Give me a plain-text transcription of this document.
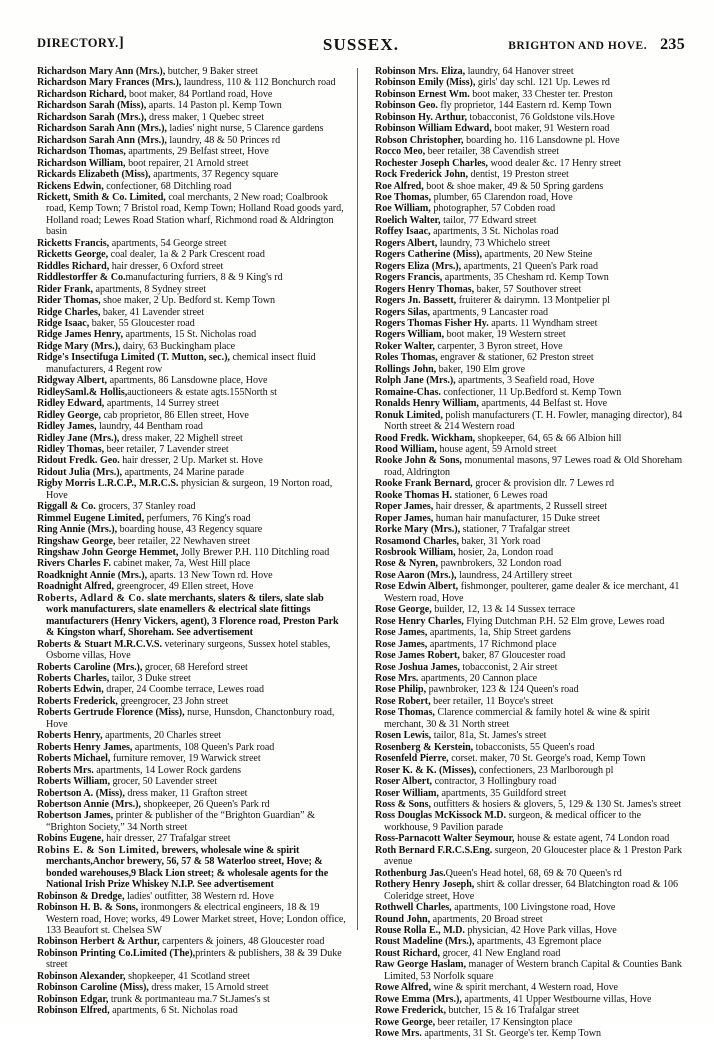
DIRECTORY.]	SUSSEX.	BRIGHTON AND HOVE. 235

Richardson Mary Ann (Mrs.), butcher, 9 Baker street

Richardson Mary Frances (Mrs.), laundress, 110 & 112 Bonchurch road

Richardson Richard, boot maker, 84 Portland road, Hove

Richardson Sarah (Miss), aparts. 14 Paston pl. Kemp Town

Richardson Sarah (Mrs.), dress maker, 1 Quebec street

Richardson Sarah Ann (Mrs.), ladies' night nurse, 5 Clarence gardens

Richardson Sarah Ann (Mrs.), laundry, 48 & 50 Princes rd

Richardson Thomas, apartments, 29 Belfast street, Hove

Richardson William, boot repairer, 21 Arnold street

Rickards Elizabeth (Miss), apartments, 37 Regency square

Rickens Edwin, confectioner, 68 Ditchling road

Rickett, Smith & Co. Limited, coal merchants, 2 New road; Coalbrook road, Kemp Town; 7 Bristol road, Kemp Town; Holland Road goods yard, Holland road; Lewes Road Station wharf, Richmond road & Aldrington basin

Ricketts Francis, apartments, 54 George street

Ricketts George, coal dealer, 1a & 2 Park Crescent road

Riddles Richard, hair dresser, 6 Oxford street

Riddlestorffer & Co.manufacturing furriers, 8 & 9 King's rd

Rider Frank, apartments, 8 Sydney street

Rider Thomas, shoe maker, 2 Up. Bedford st. Kemp Town

Ridge Charles, baker, 41 Lavender street

Ridge Isaac, baker, 55 Gloucester road

Ridge James Henry, apartments, 15 St. Nicholas road

Ridge Mary (Mrs.), dairy, 63 Buckingham place

Ridge's Insectifuga Limited (T. Mutton, sec.), chemical insect fluid manufacturers, 4 Regent row

Ridgway Albert, apartments, 86 Lansdowne place, Hove

RidleySaml.& Hollis,auctioneers & estate agts.155North st

Ridley Edward, apartments, 14 Surrey street

Ridley George, cab proprietor, 86 Ellen street, Hove

Ridley James, laundry, 44 Bentham road

Ridley Jane (Mrs.), dress maker, 22 Mighell street

Ridley Thomas, beer retailer, 7 Lavender street

Ridout Fredk. Geo. hair dresser, 2 Up. Market st. Hove

Ridout Julia (Mrs.), apartments, 24 Marine parade

Rigby Morris L.R.C.P., M.R.C.S. physician & surgeon, 19 Norton road, Hove

Riggall & Co. grocers, 37 Stanley road

Rimmel Eugene Limited, perfumers, 76 King's road

Ring Annie (Mrs.), boarding house, 43 Regency square

Ringshaw George, beer retailer, 22 Newhaven street

Ringshaw John George Hemmet, Jolly Brewer P.H. 110 Ditchling road

Rivers Charles F. cabinet maker, 7a, West Hill place

Roadknight Annie (Mrs.), aparts. 13 New Town rd. Hove

Roadnight Alfred, greengrocer, 49 Ellen street, Hove

Roberts, Adlard & Co. slate merchants, slaters & tilers, slate slab work manufacturers, slate enamellers & electrical slate fittings manufacturers (Henry Vickers, agent), 3 Florence road, Preston Park & Kingston wharf, Shoreham. See advertisement

Roberts & Stuart M.R.C.V.S. veterinary surgeons, Sussex hotel stables, Osborne villas, Hove

Roberts Caroline (Mrs.), grocer, 68 Hereford street

Roberts Charles, tailor, 3 Duke street

Roberts Edwin, draper, 24 Coombe terrace, Lewes road

Roberts Frederick, greengrocer, 23 John street

Roberts Gertrude Florence (Miss), nurse, Hunsdon, Chanctonbury road, Hove

Roberts Henry, apartments, 20 Charles street

Roberts Henry James, apartments, 108 Queen's Park road

Roberts Michael, furniture remover, 19 Warwick street

Roberts Mrs. apartments, 14 Lower Rock gardens

Roberts William, grocer, 50 Lavender street

Robertson A. (Miss), dress maker, 11 Grafton street

Robertson Annie (Mrs.), shopkeeper, 26 Queen's Park rd

Robertson James, printer & publisher of the “Brighton Guardian” & “Brighton Society,” 34 North street

Robins Eugene, hair dresser, 27 Trafalgar street

Robins E. & Son Limited, brewers, wholesale wine & spirit merchants,Anchor brewery, 56, 57 & 58 Waterloo street, Hove; & bonded warehouses,9 Black Lion street; & wholesale agents for the National Irish Prize Whiskey N.I.P. See advertisement

Robinson & Dredge, ladies' outfitter, 38 Western rd. Hove

Robinson H. B. & Sons, ironmongers & electrical engineers, 18 & 19 Western road, Hove; works, 49 Lower Market street, Hove; London office, 133 Beaufort st. Chelsea SW

Robinson Herbert & Arthur, carpenters & joiners, 48 Gloucester road

Robinson Printing Co.Limited (The),printers & publishers, 38 & 39 Duke street

Robinson Alexander, shopkeeper, 41 Scotland street

Robinson Caroline (Miss), dress maker, 15 Arnold street

Robinson Edgar, trunk & portmanteau ma.7 St.James's st

Robinson Elfred, apartments, 6 St. Nicholas road

Robinson Mrs. Eliza, laundry, 64 Hanover street

Robinson Emily (Miss), girls' day schl. 121 Up. Lewes rd

Robinson Ernest Wm. boot maker, 33 Chester ter. Preston

Robinson Geo. fly proprietor, 144 Eastern rd. Kemp Town

Robinson Hy. Arthur, tobacconist, 76 Goldstone vils.Hove

Robinson William Edward, boot maker, 91 Western road

Robson Christopher, boarding ho. 116 Lansdowne pl. Hove

Rocco Meo, beer retailer, 38 Cavendish street

Rochester Joseph Charles, wood dealer &c. 17 Henry street

Rock Frederick John, dentist, 19 Preston street

Roe Alfred, boot & shoe maker, 49 & 50 Spring gardens

Roe Thomas, plumber, 65 Clarendon road, Hove

Roe William, photographer, 57 Cobden road

Roelich Walter, tailor, 77 Edward street

Roffey Isaac, apartments, 3 St. Nicholas road

Rogers Albert, laundry, 73 Whichelo street

Rogers Catherine (Miss), apartments, 20 New Steine

Rogers Eliza (Mrs.), apartments, 21 Queen's Park road

Rogers Francis, apartments, 35 Chesham rd. Kemp Town

Rogers Henry Thomas, baker, 57 Southover street

Rogers Jn. Bassett, fruiterer & dairymn. 13 Montpelier pl

Rogers Silas, apartments, 9 Lancaster road

Rogers Thomas Fisher Hy. aparts. 11 Wyndham street

Rogers William, boot maker, 19 Western street

Roker Walter, carpenter, 3 Byron street, Hove

Roles Thomas, engraver & stationer, 62 Preston street

Rollings John, baker, 190 Elm grove

Rolph Jane (Mrs.), apartments, 3 Seafield road, Hove

Romaine-Chas. confectioner, 11 Up.Bedford st. Kemp Town

Ronalds Henry William, apartments, 44 Belfast st. Hove

Ronuk Limited, polish manufacturers (T. H. Fowler, managing director), 84 North street & 214 Western road

Rood Fredk. Wickham, shopkeeper, 64, 65 & 66 Albion hill

Rood William, house agent, 59 Arnold street

Rooke John & Sons, monumental masons, 97 Lewes road & Old Shoreham road, Aldrington

Rooke Frank Bernard, grocer & provision dlr. 7 Lewes rd

Rooke Thomas H. stationer, 6 Lewes road

Roper James, hair dresser, & apartments, 2 Russell street

Roper James, human hair manufacturer, 15 Duke street

Rorke Mary (Mrs.), stationer, 7 Trafalgar street

Rosamond Charles, baker, 31 York road

Rosbrook William, hosier, 2a, London road

Rose & Nyren, pawnbrokers, 32 London road

Rose Aaron (Mrs.), laundress, 24 Artillery street

Rose Edwin Albert, fishmonger, poulterer, game dealer & ice merchant, 41 Western road, Hove

Rose George, builder, 12, 13 & 14 Sussex terrace

Rose Henry Charles, Flying Dutchman P.H. 52 Elm grove, Lewes road

Rose James, apartments, 1a, Ship Street gardens

Rose James, apartments, 17 Richmond place

Rose James Robert, baker, 87 Gloucester road

Rose Joshua James, tobacconist, 2 Air street

Rose Mrs. apartments, 20 Cannon place

Rose Philip, pawnbroker, 123 & 124 Queen's road

Rose Robert, beer retailer, 11 Boyce's street

Rose Thomas, Clarence commercial & family hotel & wine & spirit merchant, 30 & 31 North street

Rosen Lewis, tailor, 81a, St. James's street

Rosenberg & Kerstein, tobacconists, 55 Queen's road

Rosenfeld Pierre, corset. maker, 70 St. George's road, Kemp Town

Roser K. & K. (Misses), confectioners, 23 Marlborough pl

Roser Albert, contractor, 3 Hollingbury road

Roser William, apartments, 35 Guildford street

Ross & Sons, outfitters & hosiers & glovers, 5, 129 & 130 St. James's street

Ross Douglas McKissock M.D. surgeon, & medical officer to the workhouse, 9 Pavilion parade

Ross-Parnacott Walter Seymour, house & estate agent, 74 London road

Roth Bernard F.R.C.S.Eng. surgeon, 20 Gloucester place & 1 Preston Park avenue

Rothenburg Jas.Queen's Head hotel, 68, 69 & 70 Queen's rd

Rothery Henry Joseph, shirt & collar dresser, 64 Blatchington road & 106 Coleridge street, Hove

Rothwell Charles, apartments, 100 Livingstone road, Hove

Round John, apartments, 20 Broad street

Rouse Rolla E., M.D. physician, 42 Hove Park villas, Hove

Roust Madeline (Mrs.), apartments, 43 Egremont place

Roust Richard, grocer, 41 New England road

Raw George Haslam, manager of Western branch Capital & Counties Bank Limited, 53 Norfolk square

Rowe Alfred, wine & spirit merchant, 4 Western road, Hove

Rowe Emma (Mrs.), apartments, 41 Upper Westbourne villas, Hove

Rowe Frederick, butcher, 15 & 16 Trafalgar street

Rowe George, beer retailer, 17 Kensington place

Rowe Mrs. apartments, 31 St. George's ter. Kemp Town
